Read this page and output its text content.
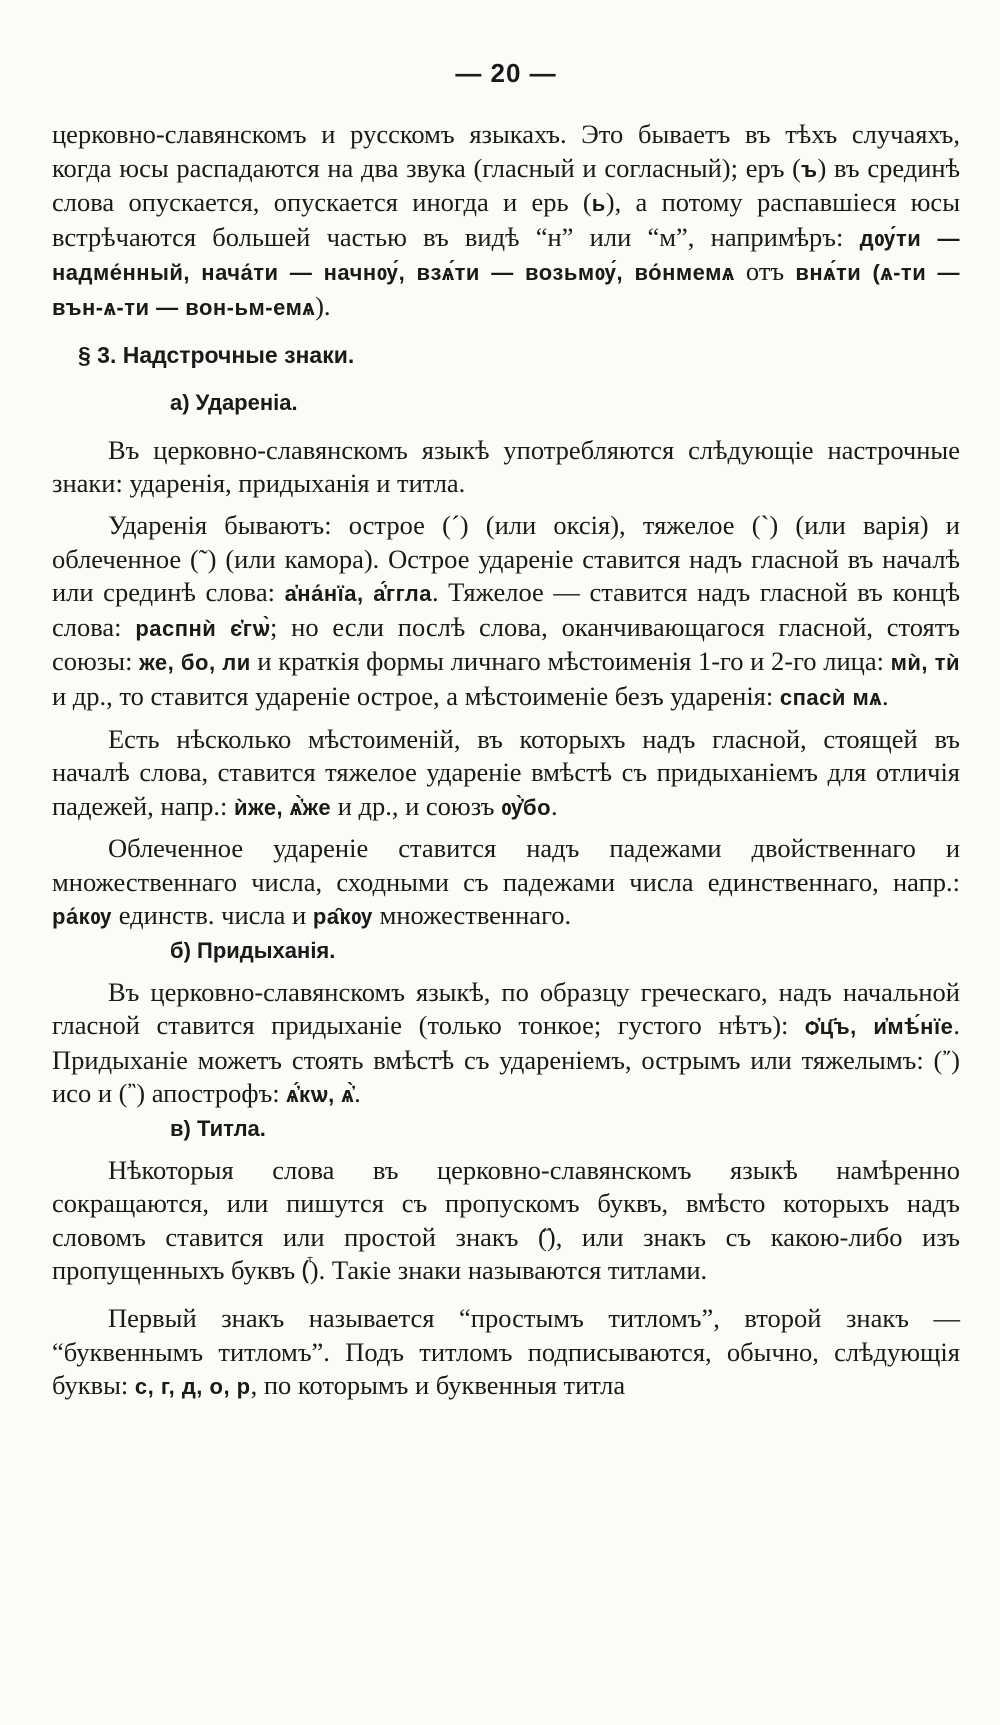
— 20 —

церковно-славянскомъ и русскомъ языкахъ. Это бываетъ въ тѣхъ случаяхъ, когда юсы распадаются на два звука (гласный и согласный); еръ (ъ) въ срединѣ слова опускается, опускается иногда и ерь (ь), а потому распавшіеся юсы встрѣчаются большей частью въ видѣ “н” или “м”, напримѣръ: дѹ́ти — надме́нный, нача́ти — начнѹ́, взѧ́ти — возьмѹ́, во́нмемѧ отъ внѧ́ти (ѧ-ти — вън-ѧ-ти — вон-ьм-емѧ).

§ 3. Надстрочные знаки.

а) Удареніа.

Въ церковно-славянскомъ языкѣ употребляются слѣдующіе настрочные знаки: ударенія, придыханія и титла.

Ударенія бываютъ: острое (´) (или оксія), тяжелое (`) (или варія) и облеченное (˜) (или камора). Острое удареніе ставится надъ гласной въ началѣ или срединѣ слова: а҆на́нїа, а҆́ггла. Тяжелое — ставится надъ гласной въ концѣ слова: распнѝ є҆гѡ̀; но если послѣ слова, оканчивающагося гласной, стоятъ союзы: же, бо, ли и краткія формы личнаго мѣстоименія 1-го и 2-го лица: мѝ, тѝ и др., то ставится удареніе острое, а мѣстоименіе безъ ударенія: спасѝ мѧ.

Есть нѣсколько мѣстоименій, въ которыхъ надъ гласной, стоящей въ началѣ слова, ставится тяжелое удареніе вмѣстѣ съ придыханіемъ для отличія падежей, напр.: ѝже, ѧ҆̀же и др., и союзъ ѹ҆̀бо.

Облеченное удареніе ставится надъ падежами двойственнаго и множественнаго числа, сходными съ падежами числа единственнаго, напр.: ра́кѹ единств. числа и ра̑кѹ множественнаго.

б) Придыханія.

Въ церковно-славянскомъ языкѣ, по образцу греческаго, надъ начальной гласной ставится придыханіе (только тонкое; густого нѣтъ): ѻ҆ц҃ъ, и҆мѣ́нїе. Придыханіе можетъ стоять вмѣстѣ съ удареніемъ, острымъ или тяжелымъ: (῎) исо и (῍) апострофъ: ѧ҆́кѡ, ѧ҆̀.

в) Титла.

Нѣкоторыя слова въ церковно-славянскомъ языкѣ намѣренно сокращаются, или пишутся съ пропускомъ буквъ, вмѣсто которыхъ надъ словомъ ставится или простой знакъ (҃), или знакъ съ какою-либо изъ пропущенныхъ буквъ (ⷮ). Такіе знаки называются титлами.

Первый знакъ называется “простымъ титломъ”, второй знакъ — “буквеннымъ титломъ”. Подъ титломъ подписываются, обычно, слѣдующія буквы: с, г, д, о, р, по которымъ и буквенныя титла
